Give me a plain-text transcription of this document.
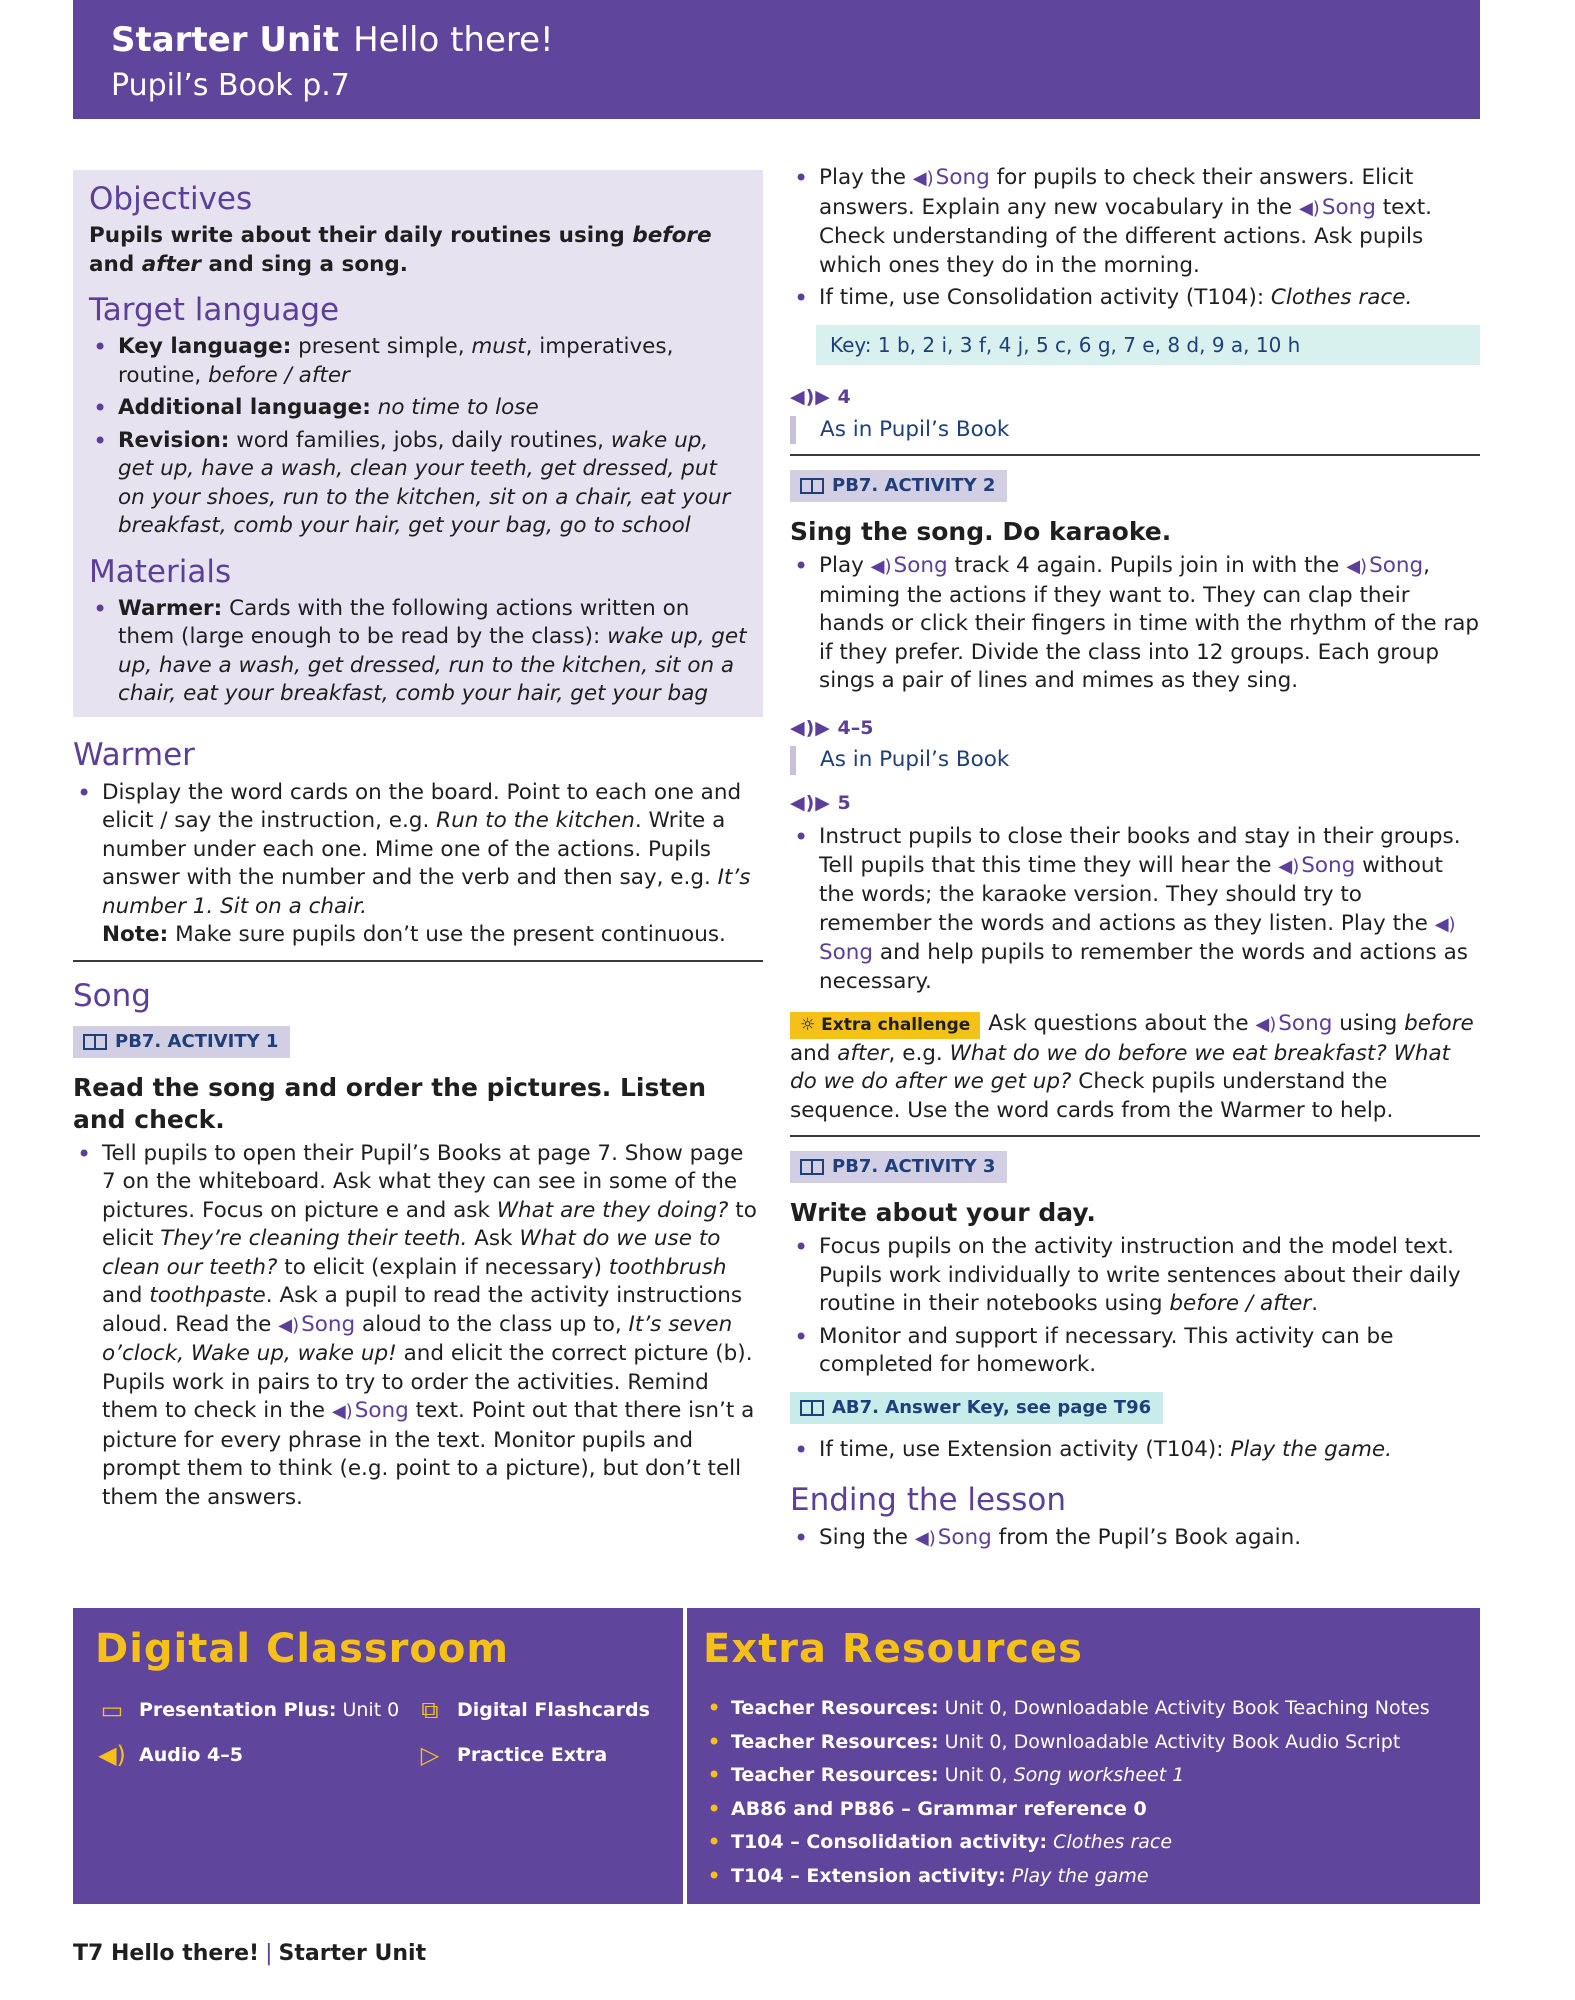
Starter Unit Hello there!
Pupil’s Book p.7
Objectives

Pupils write about their daily routines using before and after and sing a song.

Target language
• Key language: present simple, must, imperatives, routine, before / after
• Additional language: no time to lose
• Revision: word families, jobs, daily routines, wake up, get up, have a wash, clean your teeth, get dressed, put on your shoes, run to the kitchen, sit on a chair, eat your breakfast, comb your hair, get your bag, go to school
Materials
• Warmer: Cards with the following actions written on them (large enough to be read by the class): wake up, get up, have a wash, get dressed, run to the kitchen, sit on a chair, eat your breakfast, comb your hair, get your bag
Warmer
• Display the word cards on the board. Point to each one and elicit / say the instruction, e.g. Run to the kitchen. Write a number under each one. Mime one of the actions. Pupils answer with the number and the verb and then say, e.g. It’s number 1. Sit on a chair.
Note: Make sure pupils don’t use the present continuous.
Song
PB7. ACTIVITY 1
Read the song and order the pictures. Listen and check.
• Tell pupils to open their Pupil’s Books at page 7. Show page 7 on the whiteboard. Ask what they can see in some of the pictures. Focus on picture e and ask What are they doing? to elicit They’re cleaning their teeth. Ask What do we use to clean our teeth? to elicit (explain if necessary) toothbrush and toothpaste. Ask a pupil to read the activity instructions aloud. Read the ◀)Song aloud to the class up to, It’s seven o’clock, Wake up, wake up! and elicit the correct picture (b). Pupils work in pairs to try to order the activities. Remind them to check in the ◀)Song text. Point out that there isn’t a picture for every phrase in the text. Monitor pupils and prompt them to think (e.g. point to a picture), but don’t tell them the answers.
• Play the ◀)Song for pupils to check their answers. Elicit answers. Explain any new vocabulary in the ◀)Song text. Check understanding of the different actions. Ask pupils which ones they do in the morning.
• If time, use Consolidation activity (T104): Clothes race.
Key: 1 b, 2 i, 3 f, 4 j, 5 c, 6 g, 7 e, 8 d, 9 a, 10 h
◀)▶ 4
As in Pupil’s Book
PB7. ACTIVITY 2
Sing the song. Do karaoke.
• Play ◀)Song track 4 again. Pupils join in with the ◀)Song, miming the actions if they want to. They can clap their hands or click their fingers in time with the rhythm of the rap if they prefer. Divide the class into 12 groups. Each group sings a pair of lines and mimes as they sing.
◀)▶ 4–5
As in Pupil’s Book
◀)▶ 5
• Instruct pupils to close their books and stay in their groups. Tell pupils that this time they will hear the ◀)Song without the words; the karaoke version. They should try to remember the words and actions as they listen. Play the ◀)Song and help pupils to remember the words and actions as necessary.

☼ Extra challenge Ask questions about the ◀)Song using before and after, e.g. What do we do before we eat breakfast? What do we do after we get up? Check pupils understand the sequence. Use the word cards from the Warmer to help.

PB7. ACTIVITY 3
Write about your day.
• Focus pupils on the activity instruction and the model text. Pupils work individually to write sentences about their daily routine in their notebooks using before / after.
• Monitor and support if necessary. This activity can be completed for homework.
AB7. Answer Key, see page T96
• If time, use Extension activity (T104): Play the game.
Ending the lesson
• Sing the ◀)Song from the Pupil’s Book again.
Digital Classroom
▭ Presentation Plus: Unit 0 ⧉ Digital Flashcards
◀) Audio 4–5	▷ Practice Extra
Extra Resources
• Teacher Resources: Unit 0, Downloadable Activity Book Teaching Notes
• Teacher Resources: Unit 0, Downloadable Activity Book Audio Script
• Teacher Resources: Unit 0, Song worksheet 1
• AB86 and PB86 – Grammar reference 0
• T104 – Consolidation activity: Clothes race
• T104 – Extension activity: Play the game
T7 Hello there! | Starter Unit
